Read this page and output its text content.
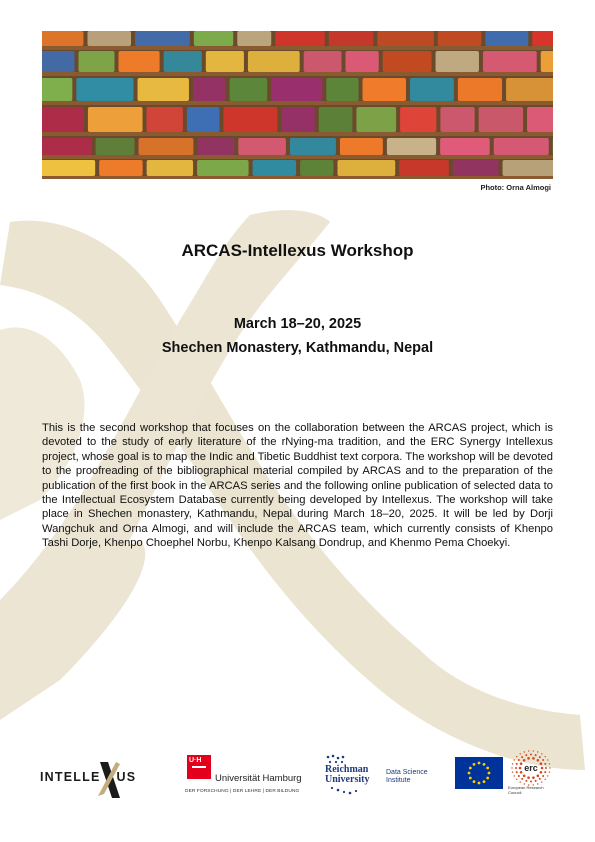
Photo: Orna Almogi
ARCAS-Intellexus Workshop
March 18–20, 2025
Shechen Monastery, Kathmandu, Nepal

This is the second workshop that focuses on the collaboration between the ARCAS project, which is devoted to the study of early literature of the rNying-ma tradition, and the ERC Synergy Intellexus project, whose goal is to map the Indic and Tibetic Buddhist text corpora. The workshop will be devoted to the proofreading of the bibliographical material compiled by ARCAS and to the preparation of the publication of the first book in the ARCAS series and the following online publication of selected data to the Intellectual Ecosystem Database currently being developed by Intellexus. The workshop will take place in Shechen monastery, Kathmandu, Nepal during March 18–20, 2025. It will be led by Dorji Wangchuk and Orna Almogi, and will include the ARCAS team, which currently consists of Khenpo Tashi Dorje, Khenpo Choephel Norbu, Khenpo Kalsang Dondrup, and Khenmo Pema Choekyi.

INTELLE US
U·H
Universität Hamburg
DER FORSCHUNG | DER LEHRE | DER BILDUNG
Reichman
University
Data Science
Institute
erc
European Research Council
